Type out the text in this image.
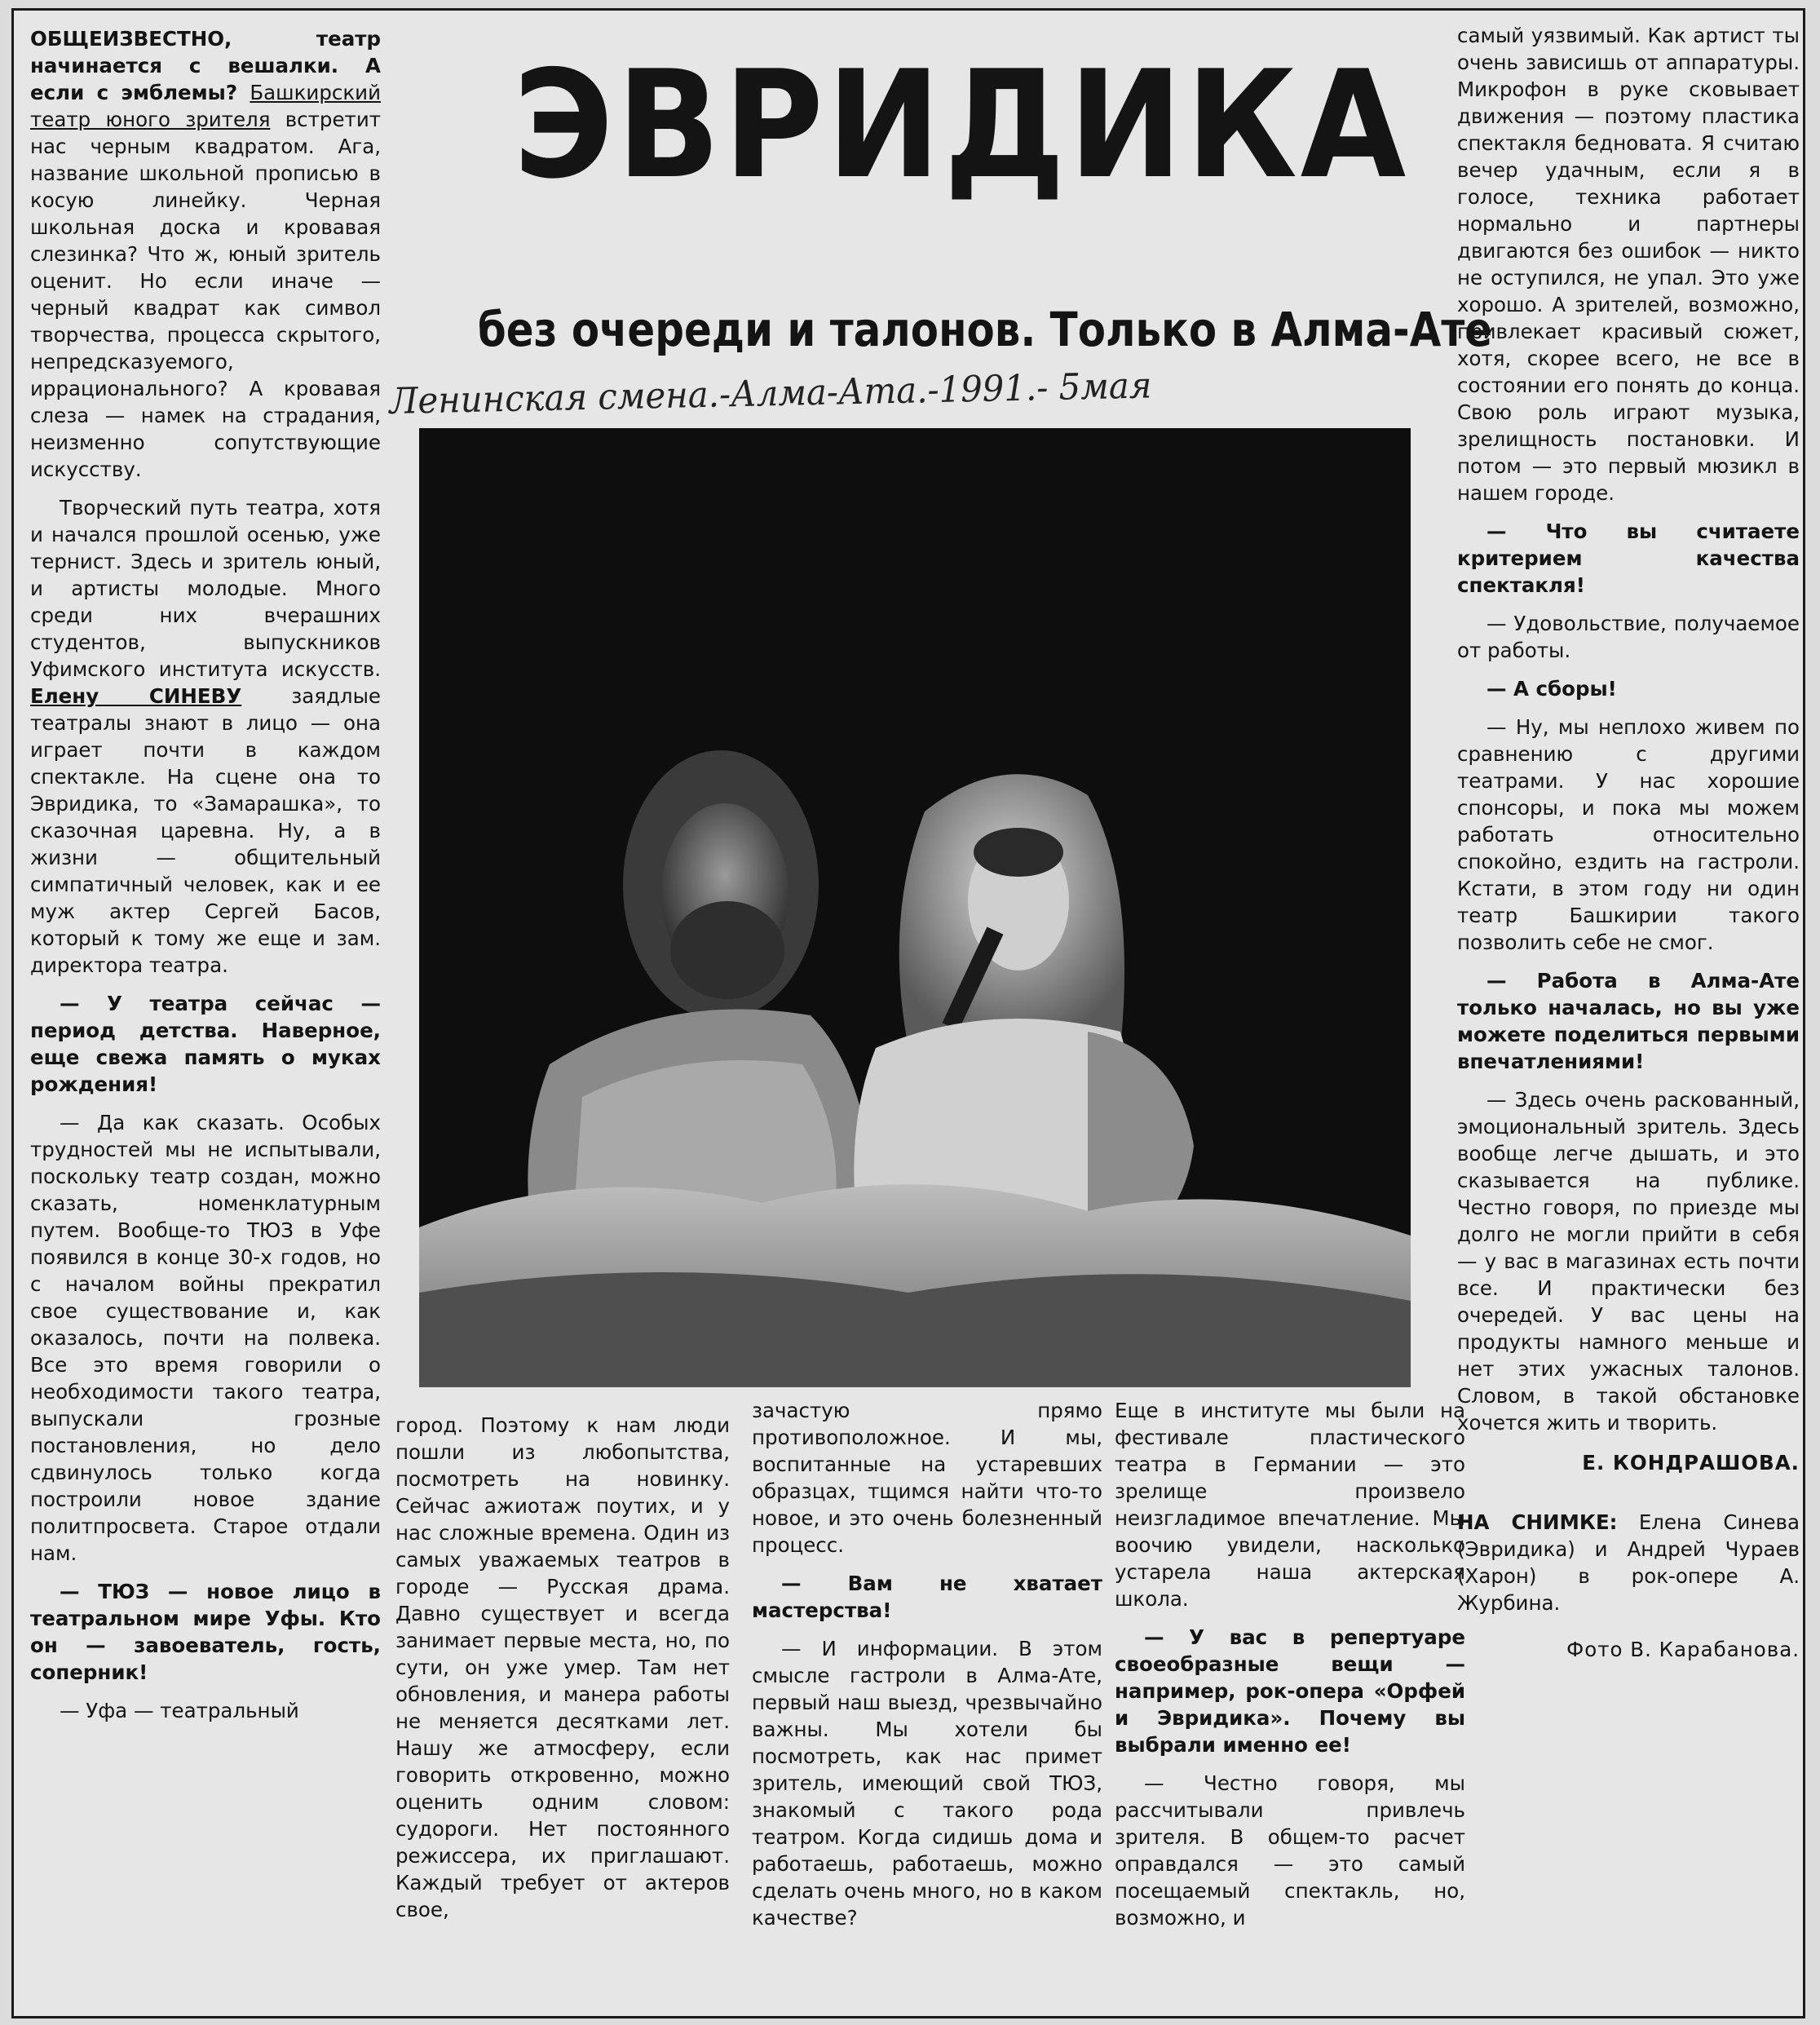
ОБЩЕИЗВЕСТНО, театр начинается с вешалки. А если с эмблемы? Башкирский театр юного зрителя встретит нас черным квадратом. Ага, название школьной прописью в косую линейку. Черная школьная доска и кровавая слезинка? Что ж, юный зритель оценит. Но если иначе — черный квадрат как символ творчества, процесса скрытого, непредсказуемого, иррационального? А кровавая слеза — намек на страдания, неизменно сопутствующие искусству.

Творческий путь театра, хотя и начался прошлой осенью, уже тернист. Здесь и зритель юный, и артисты молодые. Много среди них вчерашних студентов, выпускников Уфимского института искусств. Елену СИНЕВУ заядлые театралы знают в лицо — она играет почти в каждом спектакле. На сцене она то Эвридика, то «Замарашка», то сказочная царевна. Ну, а в жизни — общительный симпатичный человек, как и ее муж актер Сергей Басов, который к тому же еще и зам. директора театра.

— У театра сейчас — период детства. Наверное, еще свежа память о муках рождения!

— Да как сказать. Особых трудностей мы не испытывали, поскольку театр создан, можно сказать, номенклатурным путем. Вообще-то ТЮЗ в Уфе появился в конце 30-х годов, но с началом войны прекратил свое существование и, как оказалось, почти на полвека. Все это время говорили о необходимости такого театра, выпускали грозные постановления, но дело сдвинулось только когда построили новое здание политпросвета. Старое отдали нам.

— ТЮЗ — новое лицо в театральном мире Уфы. Кто он — завоеватель, гость, соперник!

— Уфа — театральный

ЭВРИДИКА
без очереди и талонов. Только в Алма-Ате
Ленинская смена.-Алма-Ата.-1991.- 5мая

город. Поэтому к нам люди пошли из любопытства, посмотреть на новинку. Сейчас ажиотаж поутих, и у нас сложные времена. Один из самых уважаемых театров в городе — Русская драма. Давно существует и всегда занимает первые места, но, по сути, он уже умер. Там нет обновления, и манера работы не меняется десятками лет. Нашу же атмосферу, если говорить откровенно, можно оценить одним словом: судороги. Нет постоянного режиссера, их приглашают. Каждый требует от актеров свое,

зачастую прямо противоположное. И мы, воспитанные на устаревших образцах, тщимся найти что-то новое, и это очень болезненный процесс.

— Вам не хватает мастерства!

— И информации. В этом смысле гастроли в Алма-Ате, первый наш выезд, чрезвычайно важны. Мы хотели бы посмотреть, как нас примет зритель, имеющий свой ТЮЗ, знакомый с такого рода театром. Когда сидишь дома и работаешь, работаешь, можно сделать очень много, но в каком качестве?

Еще в институте мы были на фестивале пластического театра в Германии — это зрелище произвело неизгладимое впечатление. Мы воочию увидели, насколько устарела наша актерская школа.

— У вас в репертуаре своеобразные вещи — например, рок-опера «Орфей и Эвридика». Почему вы выбрали именно ее!

— Честно говоря, мы рассчитывали привлечь зрителя. В общем-то расчет оправдался — это самый посещаемый спектакль, но, возможно, и

самый уязвимый. Как артист ты очень зависишь от аппаратуры. Микрофон в руке сковывает движения — поэтому пластика спектакля бедновата. Я считаю вечер удачным, если я в голосе, техника работает нормально и партнеры двигаются без ошибок — никто не оступился, не упал. Это уже хорошо. А зрителей, возможно, привлекает красивый сюжет, хотя, скорее всего, не все в состоянии его понять до конца. Свою роль играют музыка, зрелищность постановки. И потом — это первый мюзикл в нашем городе.

— Что вы считаете критерием качества спектакля!

— Удовольствие, получаемое от работы.

— А сборы!

— Ну, мы неплохо живем по сравнению с другими театрами. У нас хорошие спонсоры, и пока мы можем работать относительно спокойно, ездить на гастроли. Кстати, в этом году ни один театр Башкирии такого позволить себе не смог.

— Работа в Алма-Ате только началась, но вы уже можете поделиться первыми впечатлениями!

— Здесь очень раскованный, эмоциональный зритель. Здесь вообще легче дышать, и это сказывается на публике. Честно говоря, по приезде мы долго не могли прийти в себя — у вас в магазинах есть почти все. И практически без очередей. У вас цены на продукты намного меньше и нет этих ужасных талонов. Словом, в такой обстановке хочется жить и творить.

Е. КОНДРАШОВА.

НА СНИМКЕ: Елена Синева (Эвридика) и Андрей Чураев (Харон) в рок-опере А. Журбина.

Фото В. Карабанова.
